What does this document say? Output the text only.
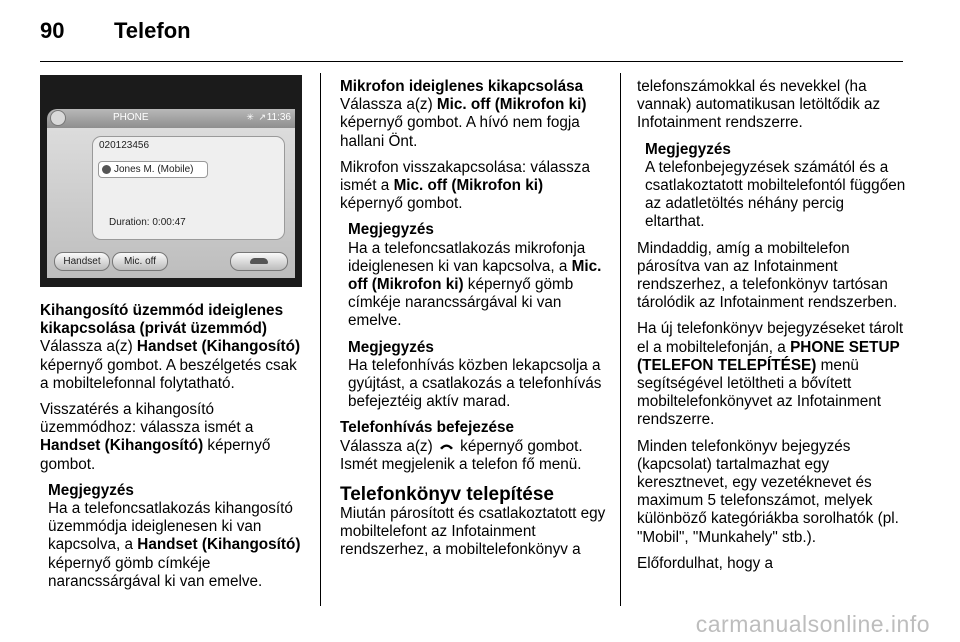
90 Telefon
PHONE	✳ ↗ 11:36
020123456
Jones M. (Mobile)
Duration: 0:00:47
Handset	Mic. off
Kihangosító üzemmód ideiglenes kikapcsolása (privát üzemmód)

Válassza a(z) Handset (Kihangosító) képernyő gombot. A beszélgetés csak a mobiltelefonnal folytatható.

Visszatérés a kihangosító üzemmódhoz: válassza ismét a Handset (Kihangosító) képernyő gombot.

Megjegyzés
Ha a telefoncsatlakozás kihangosító üzemmódja ideiglenesen ki van kapcsolva, a Handset (Kihangosító) képernyő gömb címkéje narancssárgával ki van emelve.
Mikrofon ideiglenes kikapcsolása

Válassza a(z) Mic. off (Mikrofon ki) képernyő gombot. A hívó nem fogja hallani Önt.

Mikrofon visszakapcsolása: válassza ismét a Mic. off (Mikrofon ki) képernyő gombot.

Megjegyzés
Ha a telefoncsatlakozás mikrofonja ideiglenesen ki van kapcsolva, a Mic. off (Mikrofon ki) képernyő gömb címkéje narancssárgával ki van emelve.
Megjegyzés
Ha telefonhívás közben lekapcsolja a gyújtást, a csatlakozás a telefonhívás befejeztéig aktív marad.
Telefonhívás befejezése

Válassza a(z)  képernyő gombot. Ismét megjelenik a telefon fő menü.

Telefonkönyv telepítése

Miután párosított és csatlakoztatott egy mobiltelefont az Infotainment rendszerhez, a mobiltelefonkönyv a

telefonszámokkal és nevekkel (ha vannak) automatikusan letöltődik az Infotainment rendszerre.

Megjegyzés
A telefonbejegyzések számától és a csatlakoztatott mobiltelefontól függően az adatletöltés néhány percig eltarthat.

Mindaddig, amíg a mobiltelefon párosítva van az Infotainment rendszerhez, a telefonkönyv tartósan tárolódik az Infotainment rendszerben.

Ha új telefonkönyv bejegyzéseket tárolt el a mobiltelefonján, a PHONE SETUP (TELEFON TELEPÍTÉSE) menü segítségével letöltheti a bővített mobiltelefonkönyvet az Infotainment rendszerre.

Minden telefonkönyv bejegyzés (kapcsolat) tartalmazhat egy keresztnevet, egy vezetéknevet és maximum 5 telefonszámot, melyek különböző kategóriákba sorolhatók (pl. "Mobil", "Munkahely" stb.).

Előfordulhat, hogy a

carmanualsonline.info
